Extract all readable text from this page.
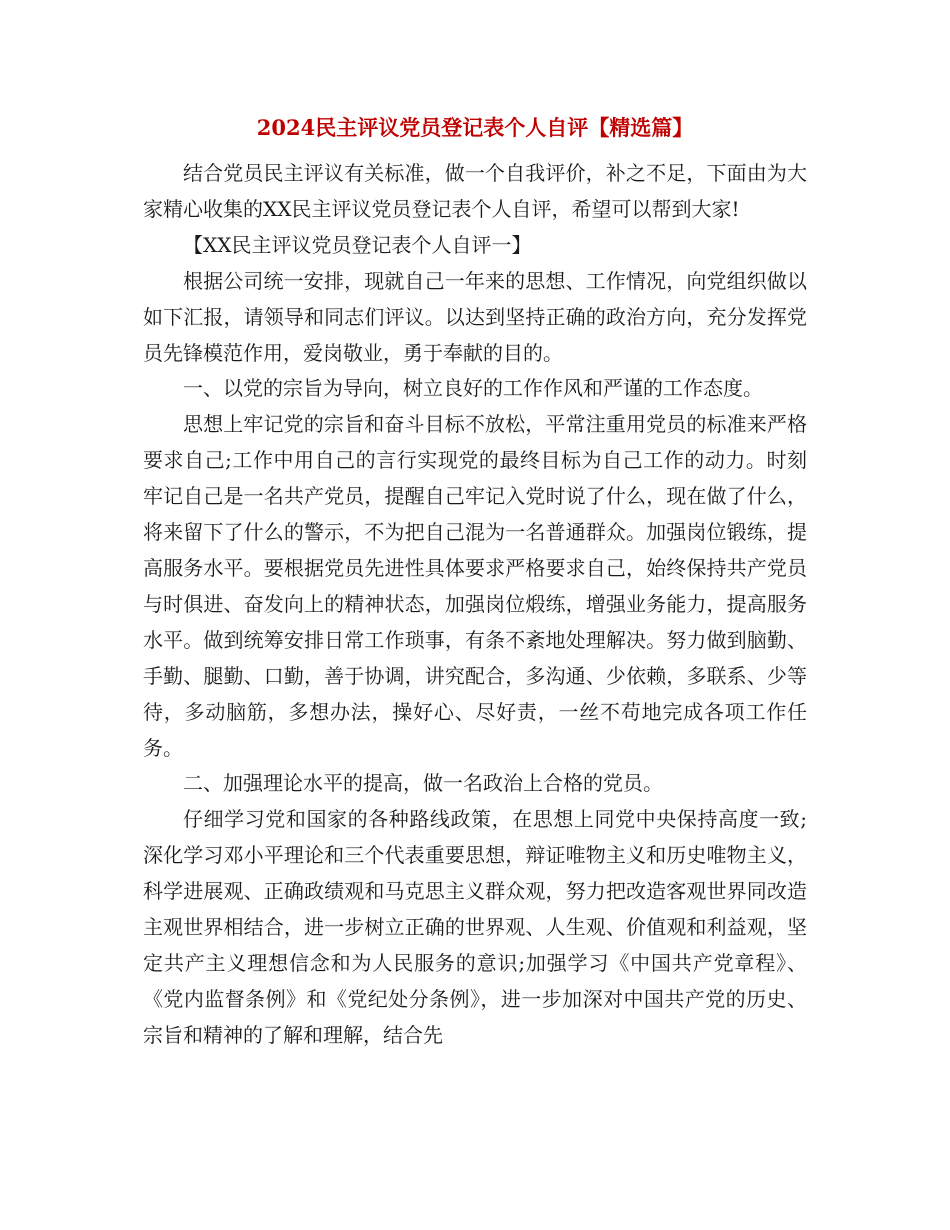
2024民主评议党员登记表个人自评【精选篇】

结合党员民主评议有关标准，做一个自我评价，补之不足，下面由为大家精心收集的XX民主评议党员登记表个人自评，希望可以帮到大家!

【XX民主评议党员登记表个人自评一】

根据公司统一安排，现就自己一年来的思想、工作情况，向党组织做以如下汇报，请领导和同志们评议。以达到坚持正确的政治方向，充分发挥党员先锋模范作用，爱岗敬业，勇于奉献的目的。

一、以党的宗旨为导向，树立良好的工作作风和严谨的工作态度。

思想上牢记党的宗旨和奋斗目标不放松，平常注重用党员的标准来严格要求自己;工作中用自己的言行实现党的最终目标为自己工作的动力。时刻牢记自己是一名共产党员，提醒自己牢记入党时说了什么，现在做了什么，将来留下了什么的警示，不为把自己混为一名普通群众。加强岗位锻练，提高服务水平。要根据党员先进性具体要求严格要求自己，始终保持共产党员与时俱进、奋发向上的精神状态，加强岗位煅练，增强业务能力，提高服务水平。做到统筹安排日常工作琐事，有条不紊地处理解决。努力做到脑勤、手勤、腿勤、口勤，善于协调，讲究配合，多沟通、少依赖，多联系、少等待，多动脑筋，多想办法，操好心、尽好责，一丝不苟地完成各项工作任务。

二、加强理论水平的提高，做一名政治上合格的党员。

仔细学习党和国家的各种路线政策，在思想上同党中央保持高度一致;深化学习邓小平理论和三个代表重要思想，辩证唯物主义和历史唯物主义，科学进展观、正确政绩观和马克思主义群众观，努力把改造客观世界同改造主观世界相结合，进一步树立正确的世界观、人生观、价值观和利益观，坚定共产主义理想信念和为人民服务的意识;加强学习《中国共产党章程》、《党内监督条例》和《党纪处分条例》，进一步加深对中国共产党的历史、宗旨和精神的了解和理解，结合先
